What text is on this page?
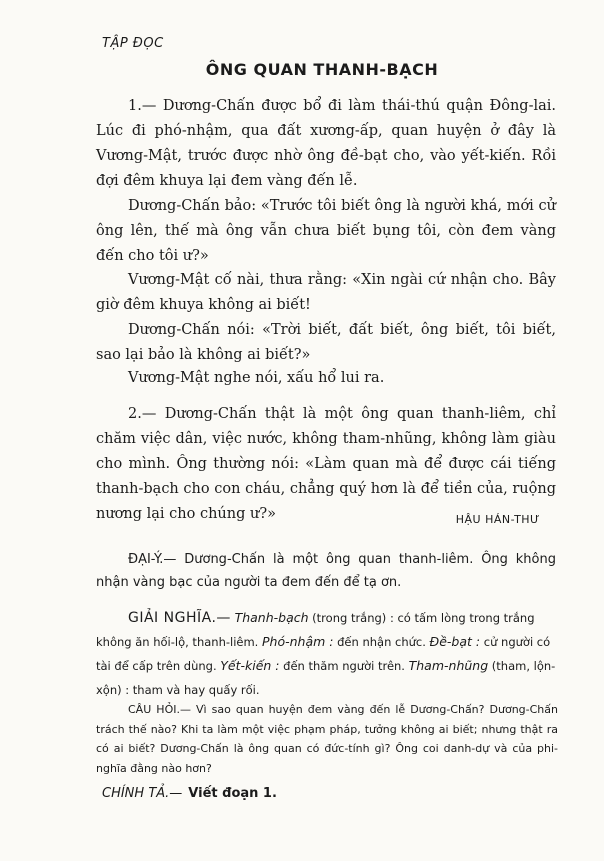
TẬP ĐỌC
ÔNG QUAN THANH-BẠCH

1.— Dương-Chấn được bổ đi làm thái-thú quận Đông-lai. Lúc đi phó-nhậm, qua đất xương-ấp, quan huyện ở đây là Vương-Mật, trước được nhờ ông đề-bạt cho, vào yết-kiến. Rồi đợi đêm khuya lại đem vàng đến lễ.

Dương-Chấn bảo: «Trước tôi biết ông là người khá, mới cử ông lên, thế mà ông vẫn chưa biết bụng tôi, còn đem vàng đến cho tôi ư?»

Vương-Mật cố nài, thưa rằng: «Xin ngài cứ nhận cho. Bây giờ đêm khuya không ai biết!

Dương-Chấn nói: «Trời biết, đất biết, ông biết, tôi biết, sao lại bảo là không ai biết?»

Vương-Mật nghe nói, xấu hổ lui ra.

2.— Dương-Chấn thật là một ông quan thanh-liêm, chỉ chăm việc dân, việc nước, không tham-nhũng, không làm giàu cho mình. Ông thường nói: «Làm quan mà để được cái tiếng thanh-bạch cho con cháu, chẳng quý hơn là để tiền của, ruộng nương lại cho chúng ư?»	HẬU HÁN-THƯ

ĐẠI-Ý.— Dương-Chấn là một ông quan thanh-liêm. Ông không nhận vàng bạc của người ta đem đến để tạ ơn.

GIẢI NGHĨA.— Thanh-bạch (trong trắng) : có tấm lòng trong trắng không ăn hối-lộ, thanh-liêm. Phó-nhậm : đến nhận chức. Đề-bạt : cử người có tài để cấp trên dùng. Yết-kiến : đến thăm người trên. Tham-nhũng (tham, lộn-xộn) : tham và hay quấy rối.

CÂU HỎI.— Vì sao quan huyện đem vàng đến lễ Dương-Chấn? Dương-Chấn trách thế nào? Khi ta làm một việc phạm pháp, tưởng không ai biết; nhưng thật ra có ai biết? Dương-Chấn là ông quan có đức-tính gì? Ông coi danh-dự và của phi-nghĩa đằng nào hơn?

CHÍNH TẢ.— Viết đoạn 1.
